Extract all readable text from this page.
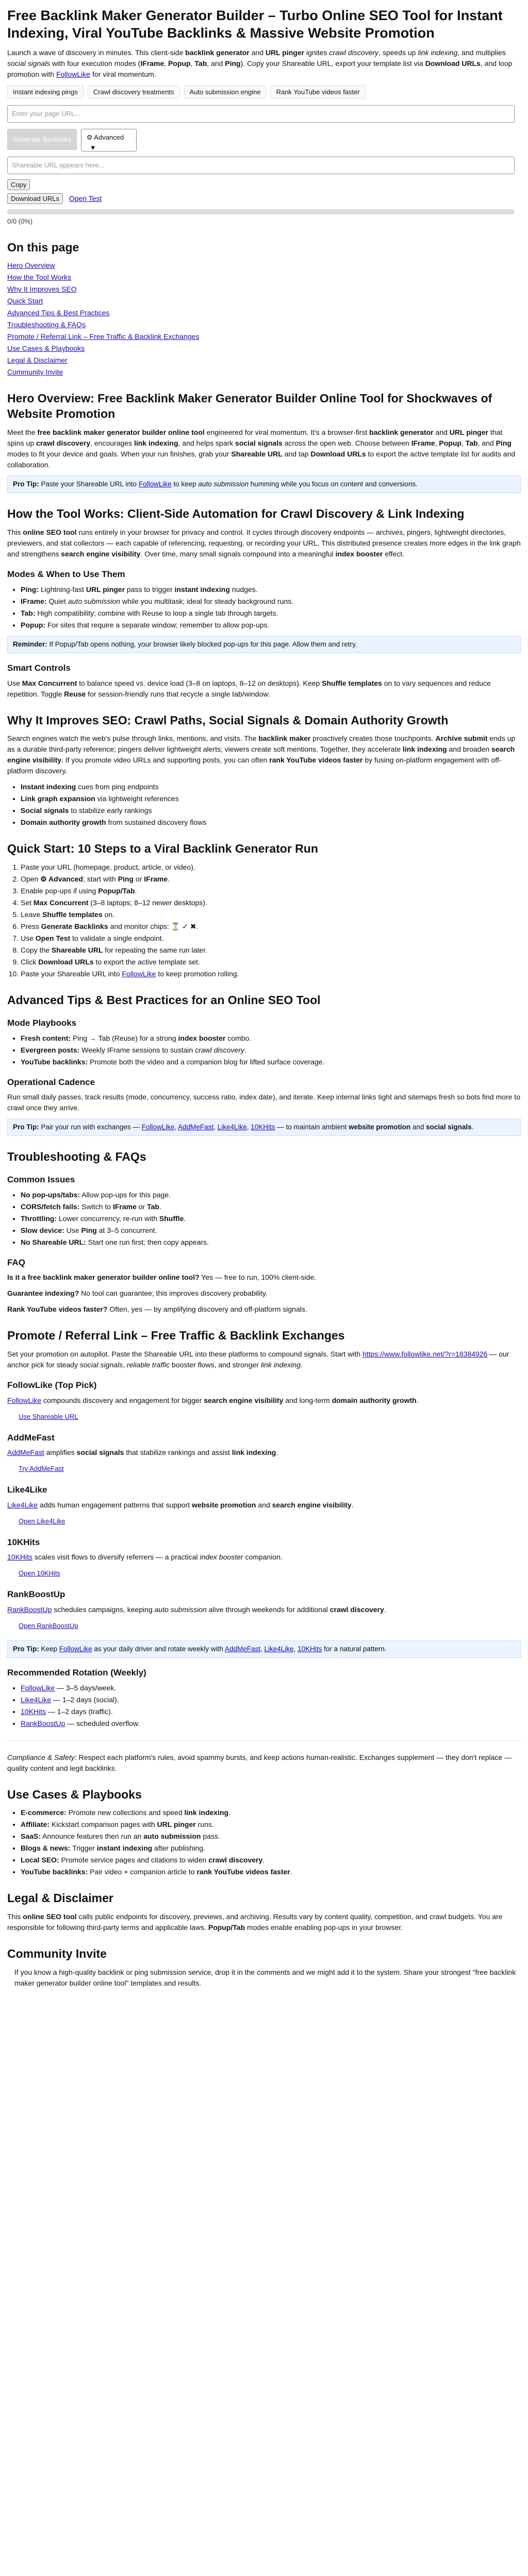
Free Backlink Maker Generator Builder – Turbo Online SEO Tool for Instant Indexing, Viral YouTube Backlinks & Massive Website Promotion

Launch a wave of discovery in minutes. This client-side backlink generator and URL pinger ignites crawl discovery, speeds up link indexing, and multiplies social signals with four execution modes (IFrame, Popup, Tab, and Ping). Copy your Shareable URL, export your template list via Download URLs, and loop promotion with FollowLike for viral momentum.

Instant indexing pings	Crawl discovery treatments	Auto submission engine	Rank YouTube videos faster
Enter your page URL...
Generate Backlinks	⚙ Advanced
▼
Shareable URL appears here...
Copy
Download URLs Open Test
0/0 (0%)
On this page
Hero Overview
How the Tool Works
Why It Improves SEO
Quick Start
Advanced Tips & Best Practices
Troubleshooting & FAQs
Promote / Referral Link – Free Traffic & Backlink Exchanges
Use Cases & Playbooks
Legal & Disclaimer
Community Invite
Hero Overview: Free Backlink Maker Generator Builder Online Tool for Shockwaves of Website Promotion

Meet the free backlink maker generator builder online tool engineered for viral momentum. It's a browser-first backlink generator and URL pinger that spins up crawl discovery, encourages link indexing, and helps spark social signals across the open web. Choose between IFrame, Popup, Tab, and Ping modes to fit your device and goals. When your run finishes, grab your Shareable URL and tap Download URLs to export the active template list for audits and collaboration.

Pro Tip: Paste your Shareable URL into FollowLike to keep auto submission humming while you focus on content and conversions.
How the Tool Works: Client-Side Automation for Crawl Discovery & Link Indexing

This online SEO tool runs entirely in your browser for privacy and control. It cycles through discovery endpoints — archives, pingers, lightweight directories, previewers, and stat collectors — each capable of referencing, requesting, or recording your URL. This distributed presence creates more edges in the link graph and strengthens search engine visibility. Over time, many small signals compound into a meaningful index booster effect.

Modes & When to Use Them
• Ping: Lightning-fast URL pinger pass to trigger instant indexing nudges.
• IFrame: Quiet auto submission while you multitask; ideal for steady background runs.
• Tab: High compatibility; combine with Reuse to loop a single tab through targets.
• Popup: For sites that require a separate window; remember to allow pop-ups.
Reminder: If Popup/Tab opens nothing, your browser likely blocked pop-ups for this page. Allow them and retry.
Smart Controls

Use Max Concurrent to balance speed vs. device load (3–8 on laptops, 8–12 on desktops). Keep Shuffle templates on to vary sequences and reduce repetition. Toggle Reuse for session-friendly runs that recycle a single tab/window.

Why It Improves SEO: Crawl Paths, Social Signals & Domain Authority Growth

Search engines watch the web's pulse through links, mentions, and visits. The backlink maker proactively creates those touchpoints. Archive submit ends up as a durable third-party reference; pingers deliver lightweight alerts; viewers create soft mentions. Together, they accelerate link indexing and broaden search engine visibility. If you promote video URLs and supporting posts, you can often rank YouTube videos faster by fusing on-platform engagement with off-platform discovery.

• Instant indexing cues from ping endpoints
• Link graph expansion via lightweight references
• Social signals to stabilize early rankings
• Domain authority growth from sustained discovery flows
Quick Start: 10 Steps to a Viral Backlink Generator Run
1. Paste your URL (homepage, product, article, or video).
2. Open ⚙ Advanced; start with Ping or IFrame.
3. Enable pop-ups if using Popup/Tab.
4. Set Max Concurrent (3–8 laptops; 8–12 newer desktops).
5. Leave Shuffle templates on.
6. Press Generate Backlinks and monitor chips: ⏳ ✓ ✖.
7. Use Open Test to validate a single endpoint.
8. Copy the Shareable URL for repeating the same run later.
9. Click Download URLs to export the active template set.
10. Paste your Shareable URL into FollowLike to keep promotion rolling.
Advanced Tips & Best Practices for an Online SEO Tool
Mode Playbooks
• Fresh content: Ping → Tab (Reuse) for a strong index booster combo.
• Evergreen posts: Weekly IFrame sessions to sustain crawl discovery.
• YouTube backlinks: Promote both the video and a companion blog for lifted surface coverage.
Operational Cadence

Run small daily passes, track results (mode, concurrency, success ratio, index date), and iterate. Keep internal links tight and sitemaps fresh so bots find more to crawl once they arrive.

Pro Tip: Pair your run with exchanges — FollowLike, AddMeFast, Like4Like, 10KHits — to maintain ambient website promotion and social signals.
Troubleshooting & FAQs
Common Issues
• No pop-ups/tabs: Allow pop-ups for this page.
• CORS/fetch fails: Switch to IFrame or Tab.
• Throttling: Lower concurrency, re-run with Shuffle.
• Slow device: Use Ping at 3–5 concurrent.
• No Shareable URL: Start one run first; then copy appears.
FAQ

Is it a free backlink maker generator builder online tool? Yes — free to run, 100% client-side.

Guarantee indexing? No tool can guarantee; this improves discovery probability.

Rank YouTube videos faster? Often, yes — by amplifying discovery and off-platform signals.

Promote / Referral Link – Free Traffic & Backlink Exchanges

Set your promotion on autopilot. Paste the Shareable URL into these platforms to compound signals. Start with https://www.followlike.net/?r=18384926 — our anchor pick for steady social signals, reliable traffic booster flows, and stronger link indexing.

FollowLike (Top Pick)

FollowLike compounds discovery and engagement for bigger search engine visibility and long-term domain authority growth.

Use Shareable URL
AddMeFast

AddMeFast amplifies social signals that stabilize rankings and assist link indexing.

Try AddMeFast
Like4Like

Like4Like adds human engagement patterns that support website promotion and search engine visibility.

Open Like4Like
10KHits

10KHits scales visit flows to diversify referrers — a practical index booster companion.

Open 10KHits
RankBoostUp

RankBoostUp schedules campaigns, keeping auto submission alive through weekends for additional crawl discovery.

Open RankBoostUp
Pro Tip: Keep FollowLike as your daily driver and rotate weekly with AddMeFast, Like4Like, 10KHits for a natural pattern.
Recommended Rotation (Weekly)
• FollowLike — 3–5 days/week.
• Like4Like — 1–2 days (social).
• 10KHits — 1–2 days (traffic).
• RankBoostUp — scheduled overflow.

Compliance & Safety: Respect each platform's rules, avoid spammy bursts, and keep actions human-realistic. Exchanges supplement — they don't replace — quality content and legit backlinks.

Use Cases & Playbooks
• E-commerce: Promote new collections and speed link indexing.
• Affiliate: Kickstart comparison pages with URL pinger runs.
• SaaS: Announce features then run an auto submission pass.
• Blogs & news: Trigger instant indexing after publishing.
• Local SEO: Promote service pages and citations to widen crawl discovery.
• YouTube backlinks: Pair video + companion article to rank YouTube videos faster.
Legal & Disclaimer

This online SEO tool calls public endpoints for discovery, previews, and archiving. Results vary by content quality, competition, and crawl budgets. You are responsible for following third-party terms and applicable laws. Popup/Tab modes enable enabling pop-ups in your browser.

Community Invite

If you know a high-quality backlink or ping submission service, drop it in the comments and we might add it to the system. Share your strongest "free backlink maker generator builder online tool" templates and results.
